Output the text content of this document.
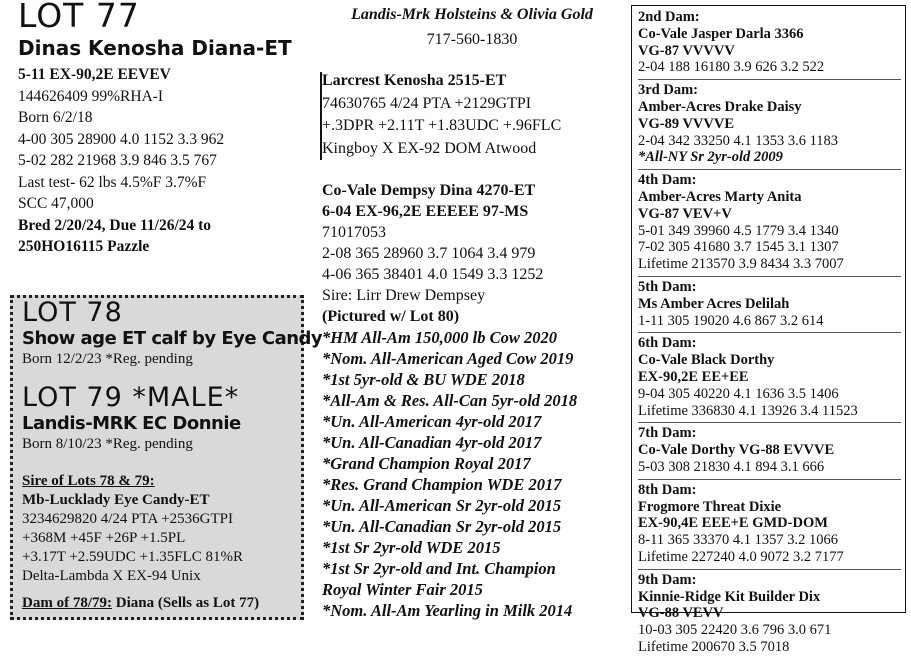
LOT 77
Dinas Kenosha Diana-ET
5-11 EX-90,2E EEVEV
144626409 99%RHA-I
Born 6/2/18
4-00 305 28900 4.0 1152 3.3 962
5-02 282 21968 3.9 846 3.5 767
Last test- 62 lbs 4.5%F 3.7%F
SCC 47,000
Bred 2/20/24, Due 11/26/24 to
250HO16115 Pazzle
LOT 78
Show age ET calf by Eye Candy
Born 12/2/23 *Reg. pending
LOT 79 *MALE*
Landis-MRK EC Donnie
Born 8/10/23 *Reg. pending
Sire of Lots 78 & 79:
Mb-Lucklady Eye Candy-ET
3234629820 4/24 PTA +2536GTPI
+368M +45F +26P +1.5PL
+3.17T +2.59UDC +1.35FLC 81%R
Delta-Lambda X EX-94 Unix
Dam of 78/79: Diana (Sells as Lot 77)
Landis-Mrk Holsteins & Olivia Gold
717-560-1830
Larcrest Kenosha 2515-ET
74630765 4/24 PTA +2129GTPI
+.3DPR +2.11T +1.83UDC +.96FLC
Kingboy X EX-92 DOM Atwood
Co-Vale Dempsy Dina 4270-ET
6-04 EX-96,2E EEEEE 97-MS
71017053
2-08 365 28960 3.7 1064 3.4 979
4-06 365 38401 4.0 1549 3.3 1252
Sire: Lirr Drew Dempsey
(Pictured w/ Lot 80)
*HM All-Am 150,000 lb Cow 2020
*Nom. All-American Aged Cow 2019
*1st 5yr-old & BU WDE 2018
*All-Am & Res. All-Can 5yr-old 2018
*Un. All-American 4yr-old 2017
*Un. All-Canadian 4yr-old 2017
*Grand Champion Royal 2017
*Res. Grand Champion WDE 2017
*Un. All-American Sr 2yr-old 2015
*Un. All-Canadian Sr 2yr-old 2015
*1st Sr 2yr-old WDE 2015
*1st Sr 2yr-old and Int. Champion
Royal Winter Fair 2015
*Nom. All-Am Yearling in Milk 2014
2nd Dam:
Co-Vale Jasper Darla 3366
VG-87 VVVVV
2-04 188 16180 3.9 626 3.2 522
3rd Dam:
Amber-Acres Drake Daisy
VG-89 VVVVE
2-04 342 33250 4.1 1353 3.6 1183
*All-NY Sr 2yr-old 2009
4th Dam:
Amber-Acres Marty Anita
VG-87 VEV+V
5-01 349 39960 4.5 1779 3.4 1340
7-02 305 41680 3.7 1545 3.1 1307
Lifetime 213570 3.9 8434 3.3 7007
5th Dam:
Ms Amber Acres Delilah
1-11 305 19020 4.6 867 3.2 614
6th Dam:
Co-Vale Black Dorthy
EX-90,2E EE+EE
9-04 305 40220 4.1 1636 3.5 1406
Lifetime 336830 4.1 13926 3.4 11523
7th Dam:
Co-Vale Dorthy VG-88 EVVVE
5-03 308 21830 4.1 894 3.1 666
8th Dam:
Frogmore Threat Dixie
EX-90,4E EEE+E GMD-DOM
8-11 365 33370 4.1 1357 3.2 1066
Lifetime 227240 4.0 9072 3.2 7177
9th Dam:
Kinnie-Ridge Kit Builder Dix
VG-88 VEVV
10-03 305 22420 3.6 796 3.0 671
Lifetime 200670 3.5 7018
